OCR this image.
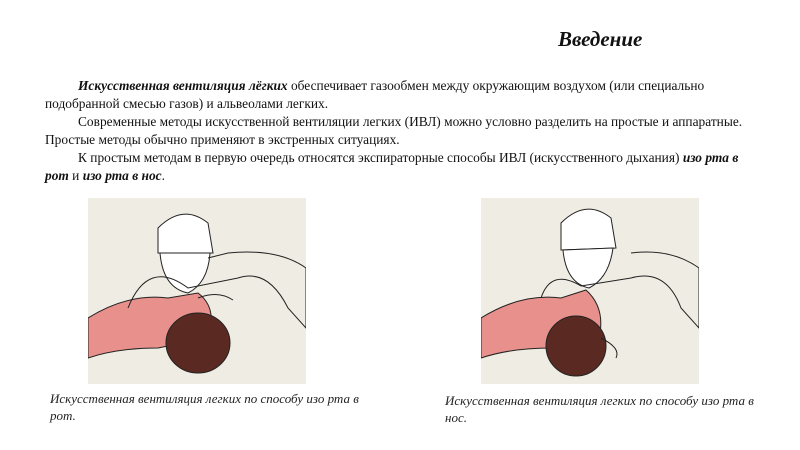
Введение

Искусственная вентиляция лёгких обеспечивает газообмен между окружающим воздухом (или специально подобранной смесью газов) и альвеолами легких.

Современные методы искусственной вентиляции легких (ИВЛ) можно условно разделить на простые и аппаратные. Простые методы обычно применяют в экстренных ситуациях.

К простым методам в первую очередь относятся экспираторные способы ИВЛ (искусственного дыхания) изо рта в рот и изо рта в нос.

Искусственная вентиляция легких по способу изо рта в рот.
Искусственная вентиляция легких по способу изо рта в нос.
